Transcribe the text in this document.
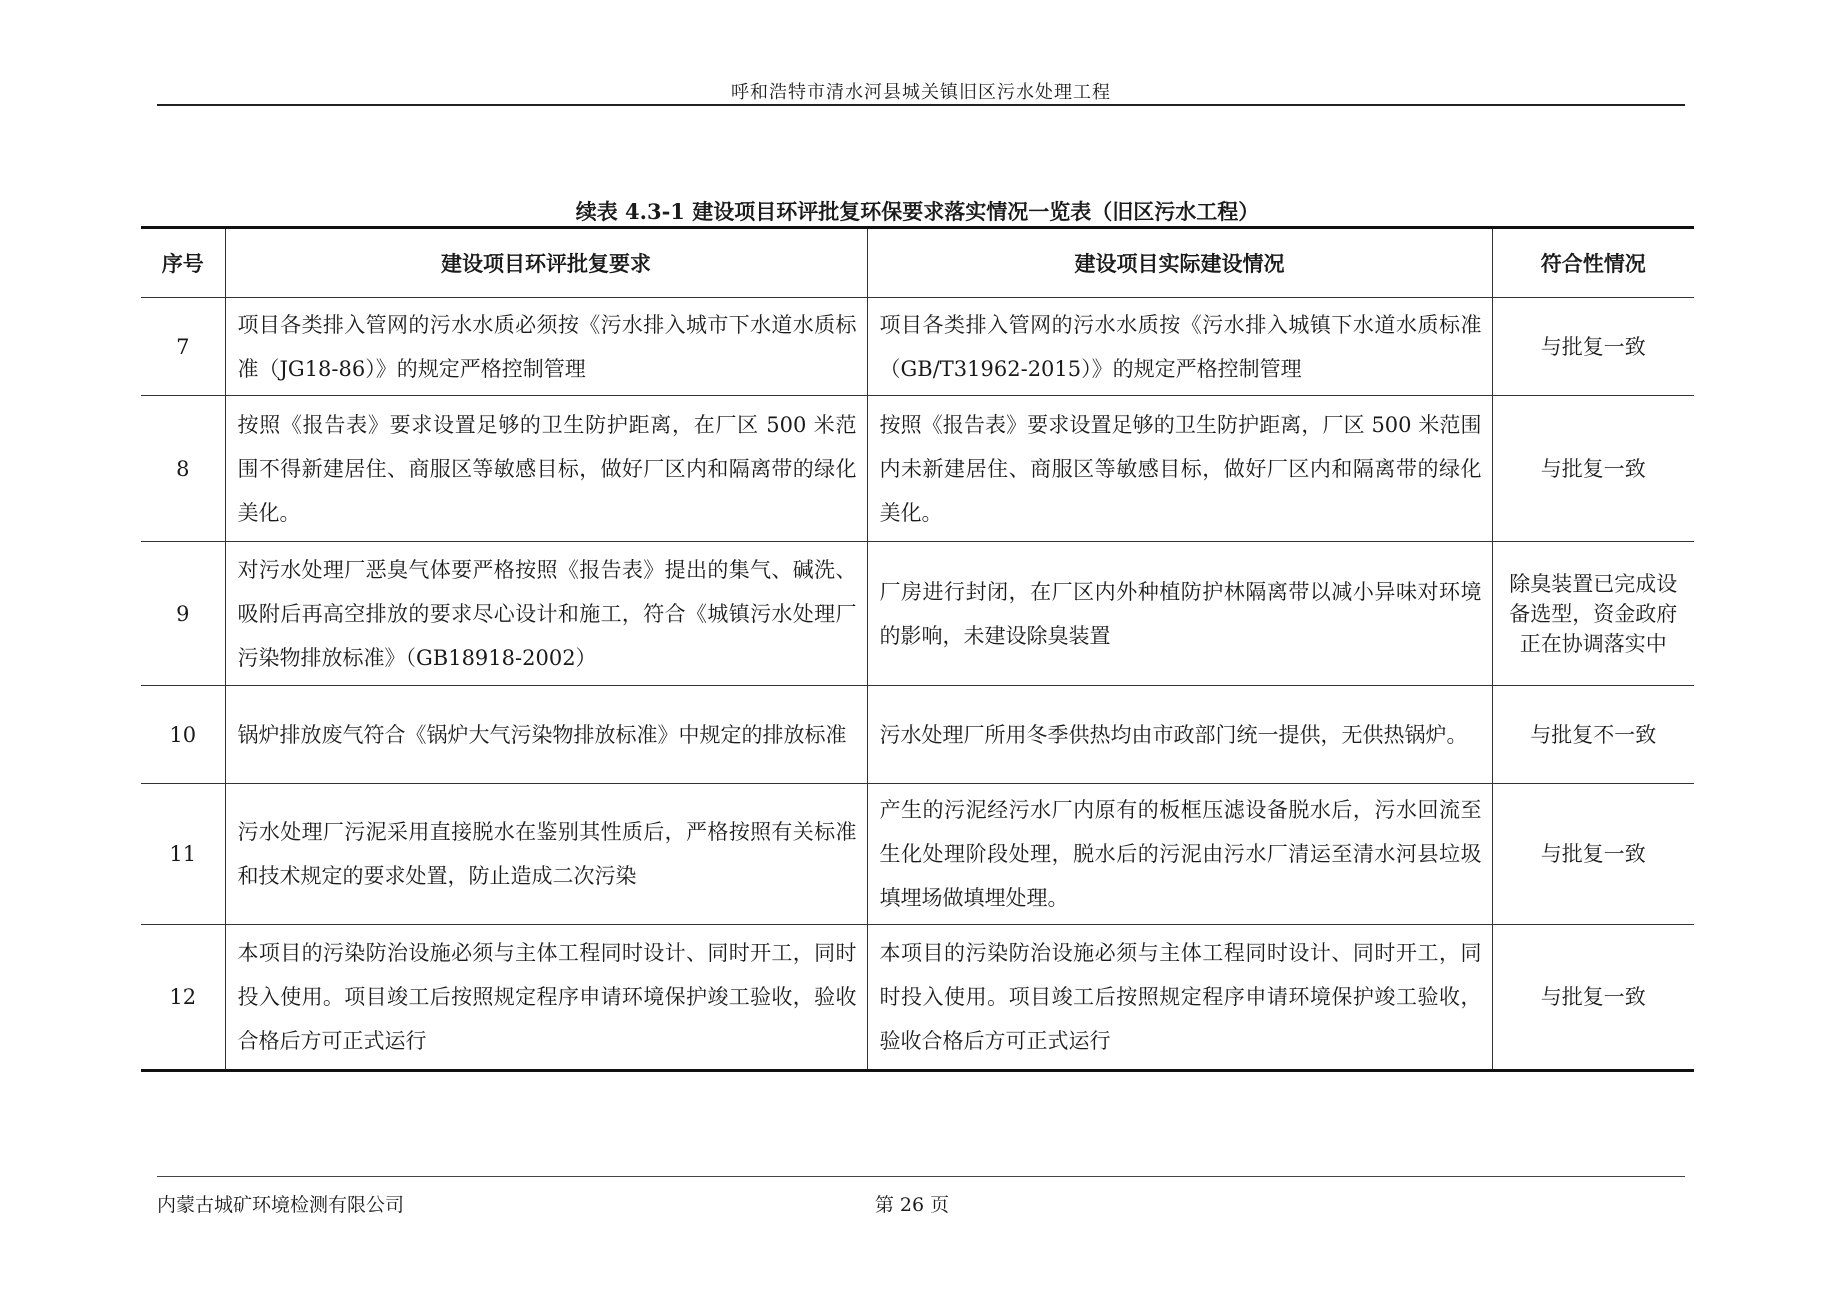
呼和浩特市清水河县城关镇旧区污水处理工程
续表 4.3-1 建设项目环评批复环保要求落实情况一览表（旧区污水工程）
序号	建设项目环评批复要求	建设项目实际建设情况	符合性情况
7	项目各类排入管网的污水水质必须按《污水排入城市下水道水质标准（JG18-86）》的规定严格控制管理	项目各类排入管网的污水水质按《污水排入城镇下水道水质标准（GB/T31962-2015）》的规定严格控制管理	与批复一致
8	按照《报告表》要求设置足够的卫生防护距离，在厂区 500 米范围不得新建居住、商服区等敏感目标，做好厂区内和隔离带的绿化美化。	按照《报告表》要求设置足够的卫生防护距离，厂区 500 米范围内未新建居住、商服区等敏感目标，做好厂区内和隔离带的绿化美化。	与批复一致
9	对污水处理厂恶臭气体要严格按照《报告表》提出的集气、碱洗、吸附后再高空排放的要求尽心设计和施工，符合《城镇污水处理厂污染物排放标准》（GB18918-2002）	厂房进行封闭，在厂区内外种植防护林隔离带以减小异味对环境的影响，未建设除臭装置	除臭装置已完成设备选型，资金政府正在协调落实中
10	锅炉排放废气符合《锅炉大气污染物排放标准》中规定的排放标准	污水处理厂所用冬季供热均由市政部门统一提供，无供热锅炉。	与批复不一致
11	污水处理厂污泥采用直接脱水在鉴别其性质后，严格按照有关标准和技术规定的要求处置，防止造成二次污染	产生的污泥经污水厂内原有的板框压滤设备脱水后，污水回流至生化处理阶段处理，脱水后的污泥由污水厂清运至清水河县垃圾填埋场做填埋处理。	与批复一致
12	本项目的污染防治设施必须与主体工程同时设计、同时开工，同时投入使用。项目竣工后按照规定程序申请环境保护竣工验收，验收合格后方可正式运行	本项目的污染防治设施必须与主体工程同时设计、同时开工，同时投入使用。项目竣工后按照规定程序申请环境保护竣工验收，验收合格后方可正式运行	与批复一致
内蒙古城矿环境检测有限公司	第 26 页
